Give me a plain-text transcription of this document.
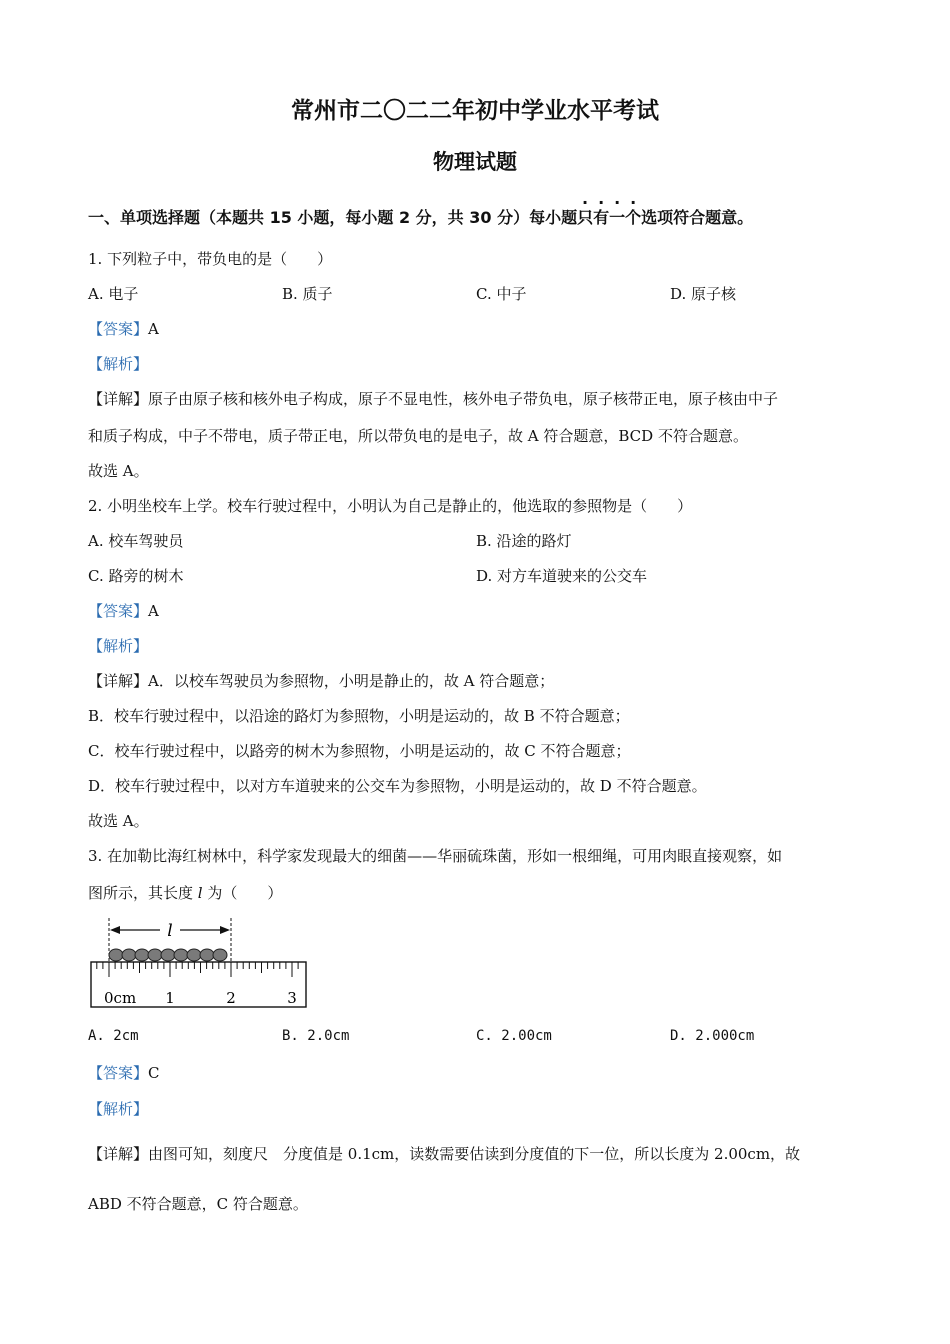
常州市二〇二二年初中学业水平考试
物理试题
一、单项选择题（本题共 15 小题，每小题 2 分，共 30 分）每小题只有一个选项符合题意。
1. 下列粒子中，带负电的是（　　）
A. 电子	B. 质子	C. 中子	D. 原子核
【答案】A
【解析】
【详解】原子由原子核和核外电子构成，原子不显电性，核外电子带负电，原子核带正电，原子核由中子
和质子构成，中子不带电，质子带正电，所以带负电的是电子，故 A 符合题意，BCD 不符合题意。
故选 A。
2. 小明坐校车上学。校车行驶过程中，小明认为自己是静止的，他选取的参照物是（　　）
A. 校车驾驶员	B. 沿途的路灯
C. 路旁的树木	D. 对方车道驶来的公交车
【答案】A
【解析】
【详解】A．以校车驾驶员为参照物，小明是静止的，故 A 符合题意；
B．校车行驶过程中，以沿途的路灯为参照物，小明是运动的，故 B 不符合题意；
C．校车行驶过程中，以路旁的树木为参照物，小明是运动的，故 C 不符合题意；
D．校车行驶过程中，以对方车道驶来的公交车为参照物，小明是运动的，故 D 不符合题意。
故选 A。
3. 在加勒比海红树林中，科学家发现最大的细菌——华丽硫珠菌，形如一根细绳，可用肉眼直接观察，如
图所示，其长度 l 为（　　）
l
0cm 1	2	3
A. 2cm	B. 2.0cm	C. 2.00cm	D. 2.000cm
【答案】C
【解析】
【详解】由图可知，刻度尺　分度值是 0.1cm，读数需要估读到分度值的下一位，所以长度为 2.00cm，故
ABD 不符合题意，C 符合题意。
